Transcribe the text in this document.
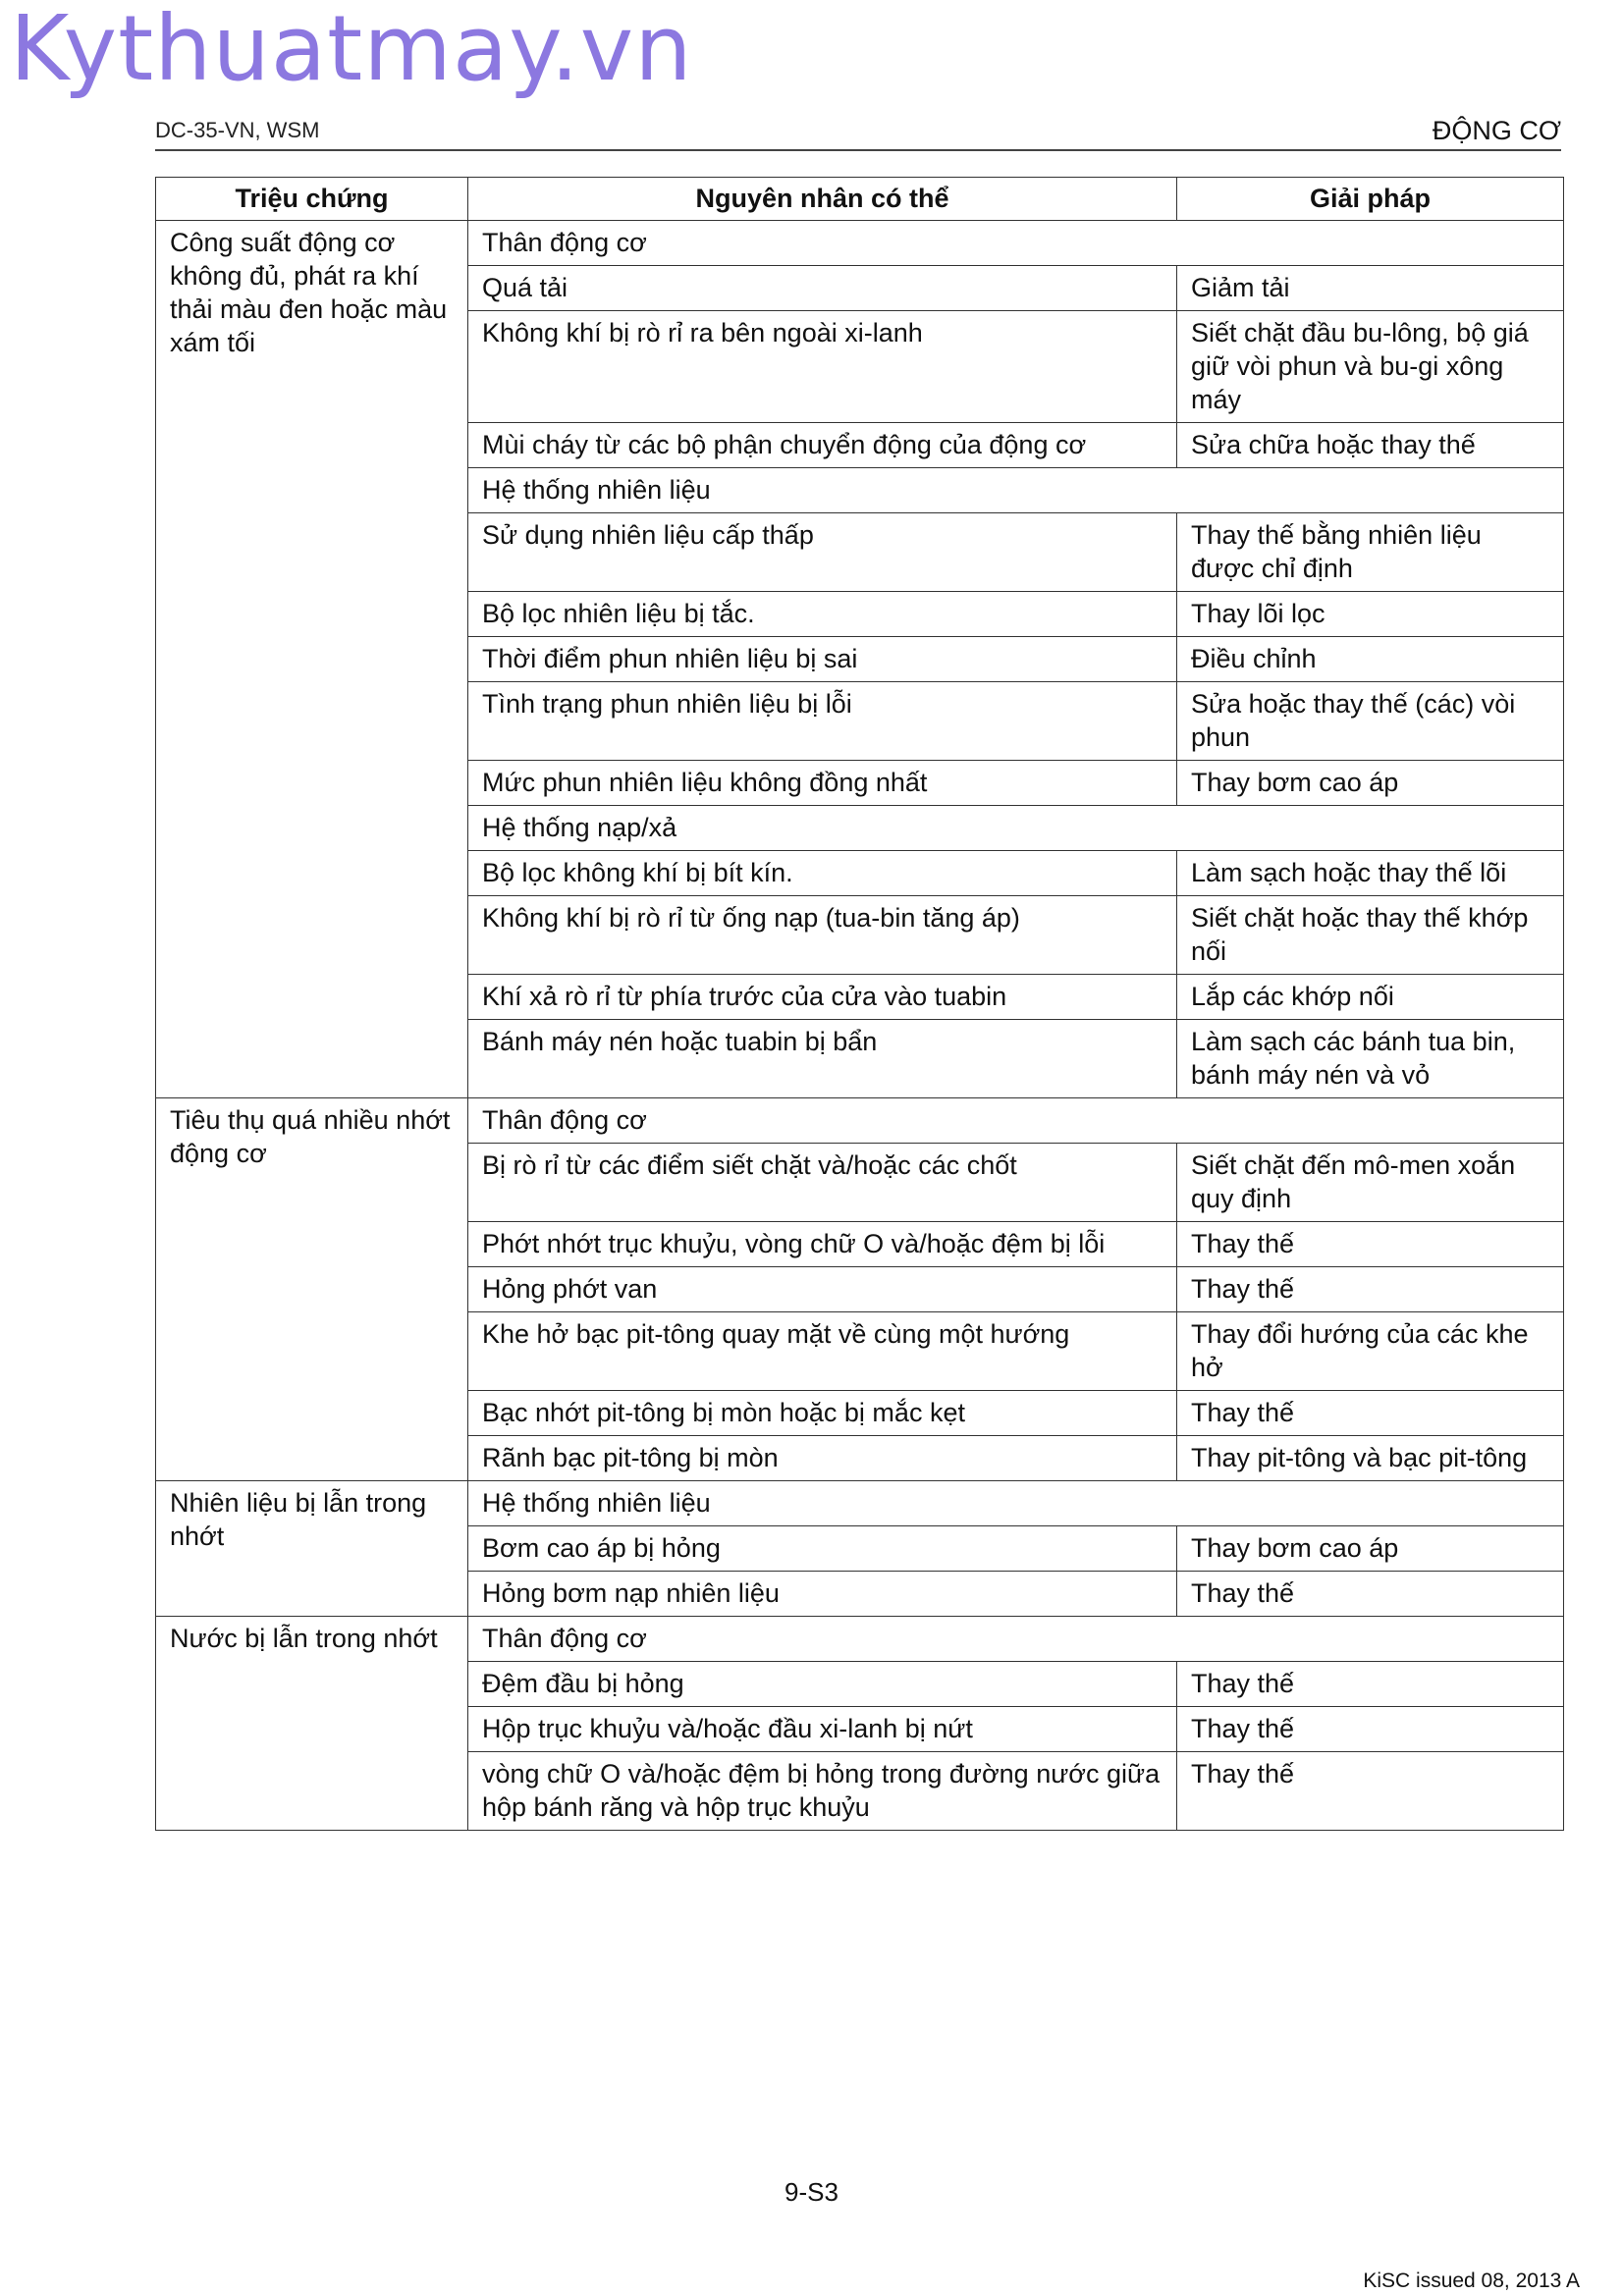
Kythuatmay.vn
DC-35-VN, WSM	ĐỘNG CƠ
Triệu chứng	Nguyên nhân có thể	Giải pháp
Công suất động cơ không đủ, phát ra khí thải màu đen hoặc màu xám tối	Thân động cơ	
	Quá tải	Giảm tải
	Không khí bị rò rỉ ra bên ngoài xi-lanh	Siết chặt đầu bu-lông, bộ giá giữ vòi phun và bu-gi xông máy
	Mùi cháy từ các bộ phận chuyển động của động cơ	Sửa chữa hoặc thay thế
	Hệ thống nhiên liệu	
	Sử dụng nhiên liệu cấp thấp	Thay thế bằng nhiên liệu được chỉ định
	Bộ lọc nhiên liệu bị tắc.	Thay lõi lọc
	Thời điểm phun nhiên liệu bị sai	Điều chỉnh
	Tình trạng phun nhiên liệu bị lỗi	Sửa hoặc thay thế (các) vòi phun
	Mức phun nhiên liệu không đồng nhất	Thay bơm cao áp
	Hệ thống nạp/xả	
	Bộ lọc không khí bị bít kín.	Làm sạch hoặc thay thế lõi
	Không khí bị rò rỉ từ ống nạp (tua-bin tăng áp)	Siết chặt hoặc thay thế khớp nối
	Khí xả rò rỉ từ phía trước của cửa vào tuabin	Lắp các khớp nối
	Bánh máy nén hoặc tuabin bị bẩn	Làm sạch các bánh tua bin, bánh máy nén và vỏ
Tiêu thụ quá nhiều nhớt động cơ	Thân động cơ	
	Bị rò rỉ từ các điểm siết chặt và/hoặc các chốt	Siết chặt đến mô-men xoắn quy định
	Phớt nhớt trục khuỷu, vòng chữ O và/hoặc đệm bị lỗi	Thay thế
	Hỏng phớt van	Thay thế
	Khe hở bạc pit-tông quay mặt về cùng một hướng	Thay đổi hướng của các khe hở
	Bạc nhớt pit-tông bị mòn hoặc bị mắc kẹt	Thay thế
	Rãnh bạc pit-tông bị mòn	Thay pit-tông và bạc pit-tông
Nhiên liệu bị lẫn trong nhớt	Hệ thống nhiên liệu	
	Bơm cao áp bị hỏng	Thay bơm cao áp
	Hỏng bơm nạp nhiên liệu	Thay thế
Nước bị lẫn trong nhớt	Thân động cơ	
	Đệm đầu bị hỏng	Thay thế
	Hộp trục khuỷu và/hoặc đầu xi-lanh bị nứt	Thay thế
	vòng chữ O và/hoặc đệm bị hỏng trong đường nước giữa hộp bánh răng và hộp trục khuỷu	Thay thế
9-S3
KiSC issued 08, 2013 A
